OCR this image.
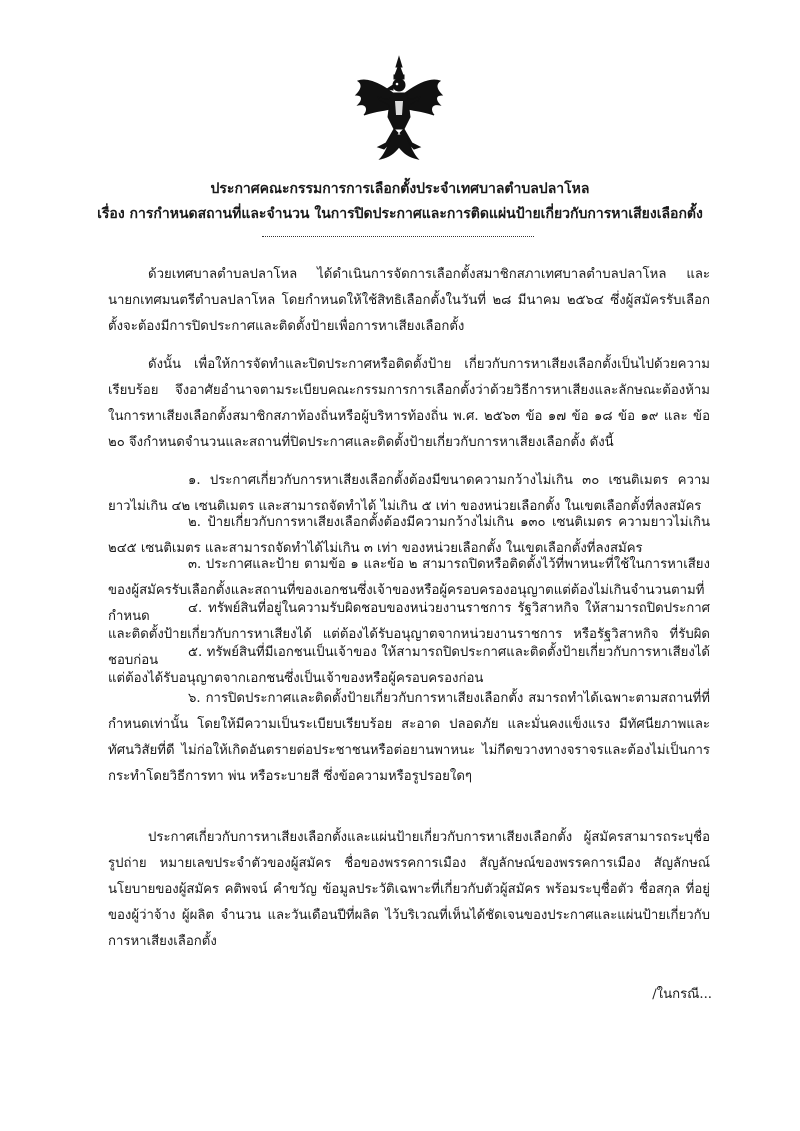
ประกาศคณะกรรมการการเลือกตั้งประจำเทศบาลตำบลปลาโหล
เรื่อง การกำหนดสถานที่และจำนวน ในการปิดประกาศและการติดแผ่นป้ายเกี่ยวกับการหาเสียงเลือกตั้ง

ด้วยเทศบาลตำบลปลาโหล ได้ดำเนินการจัดการเลือกตั้งสมาชิกสภาเทศบาลตำบลปลาโหล และนายกเทศมนตรีตำบลปลาโหล โดยกำหนดให้ใช้สิทธิเลือกตั้งในวันที่ ๒๘ มีนาคม ๒๕๖๔ ซึ่งผู้สมัครรับเลือกตั้งจะต้องมีการปิดประกาศและติดตั้งป้ายเพื่อการหาเสียงเลือกตั้ง

ดังนั้น เพื่อให้การจัดทำและปิดประกาศหรือติดตั้งป้าย เกี่ยวกับการหาเสียงเลือกตั้งเป็นไปด้วยความเรียบร้อย จึงอาศัยอำนาจตามระเบียบคณะกรรมการการเลือกตั้งว่าด้วยวิธีการหาเสียงและลักษณะต้องห้ามในการหาเสียงเลือกตั้งสมาชิกสภาท้องถิ่นหรือผู้บริหารท้องถิ่น พ.ศ. ๒๕๖๓ ข้อ ๑๗ ข้อ ๑๘ ข้อ ๑๙ และ ข้อ ๒๐ จึงกำหนดจำนวนและสถานที่ปิดประกาศและติดตั้งป้ายเกี่ยวกับการหาเสียงเลือกตั้ง ดังนี้

๑. ประกาศเกี่ยวกับการหาเสียงเลือกตั้งต้องมีขนาดความกว้างไม่เกิน ๓๐ เซนติเมตร ความยาวไม่เกิน ๔๒ เซนติเมตร และสามารถจัดทำได้ ไม่เกิน ๕ เท่า ของหน่วยเลือกตั้ง ในเขตเลือกตั้งที่ลงสมัคร

๒. ป้ายเกี่ยวกับการหาเสียงเลือกตั้งต้องมีความกว้างไม่เกิน ๑๓๐ เซนติเมตร ความยาวไม่เกิน ๒๔๕ เซนติเมตร และสามารถจัดทำได้ไม่เกิน ๓ เท่า ของหน่วยเลือกตั้ง ในเขตเลือกตั้งที่ลงสมัคร

๓. ประกาศและป้าย ตามข้อ ๑ และข้อ ๒ สามารถปิดหรือติดตั้งไว้ที่พาหนะที่ใช้ในการหาเสียงของผู้สมัครรับเลือกตั้งและสถานที่ของเอกชนซึ่งเจ้าของหรือผู้ครอบครองอนุญาตแต่ต้องไม่เกินจำนวนตามที่กำหนด

๔. ทรัพย์สินที่อยู่ในความรับผิดชอบของหน่วยงานราชการ รัฐวิสาหกิจ ให้สามารถปิดประกาศและติดตั้งป้ายเกี่ยวกับการหาเสียงได้ แต่ต้องได้รับอนุญาตจากหน่วยงานราชการ หรือรัฐวิสาหกิจ ที่รับผิดชอบก่อน

๕. ทรัพย์สินที่มีเอกชนเป็นเจ้าของ ให้สามารถปิดประกาศและติดตั้งป้ายเกี่ยวกับการหาเสียงได้ แต่ต้องได้รับอนุญาตจากเอกชนซึ่งเป็นเจ้าของหรือผู้ครอบครองก่อน

๖. การปิดประกาศและติดตั้งป้ายเกี่ยวกับการหาเสียงเลือกตั้ง สมารถทำได้เฉพาะตามสถานที่ที่กำหนดเท่านั้น โดยให้มีความเป็นระเบียบเรียบร้อย สะอาด ปลอดภัย และมั่นคงแข็งแรง มีทัศนียภาพและทัศนวิสัยที่ดี ไม่ก่อให้เกิดอันตรายต่อประชาชนหรือต่อยานพาหนะ ไม่กีดขวางทางจราจรและต้องไม่เป็นการกระทำโดยวิธีการทา พ่น หรือระบายสี ซึ่งข้อความหรือรูปรอยใดๆ

ประกาศเกี่ยวกับการหาเสียงเลือกตั้งและแผ่นป้ายเกี่ยวกับการหาเสียงเลือกตั้ง ผู้สมัครสามารถระบุชื่อ รูปถ่าย หมายเลขประจำตัวของผู้สมัคร ชื่อของพรรคการเมือง สัญลักษณ์ของพรรคการเมือง สัญลักษณ์นโยบายของผู้สมัคร คติพจน์ คำขวัญ ข้อมูลประวัติเฉพาะที่เกี่ยวกับตัวผู้สมัคร พร้อมระบุชื่อตัว ชื่อสกุล ที่อยู่ ของผู้ว่าจ้าง ผู้ผลิต จำนวน และวันเดือนปีที่ผลิต ไว้บริเวณที่เห็นได้ชัดเจนของประกาศและแผ่นป้ายเกี่ยวกับการหาเสียงเลือกตั้ง

/ในกรณี...
